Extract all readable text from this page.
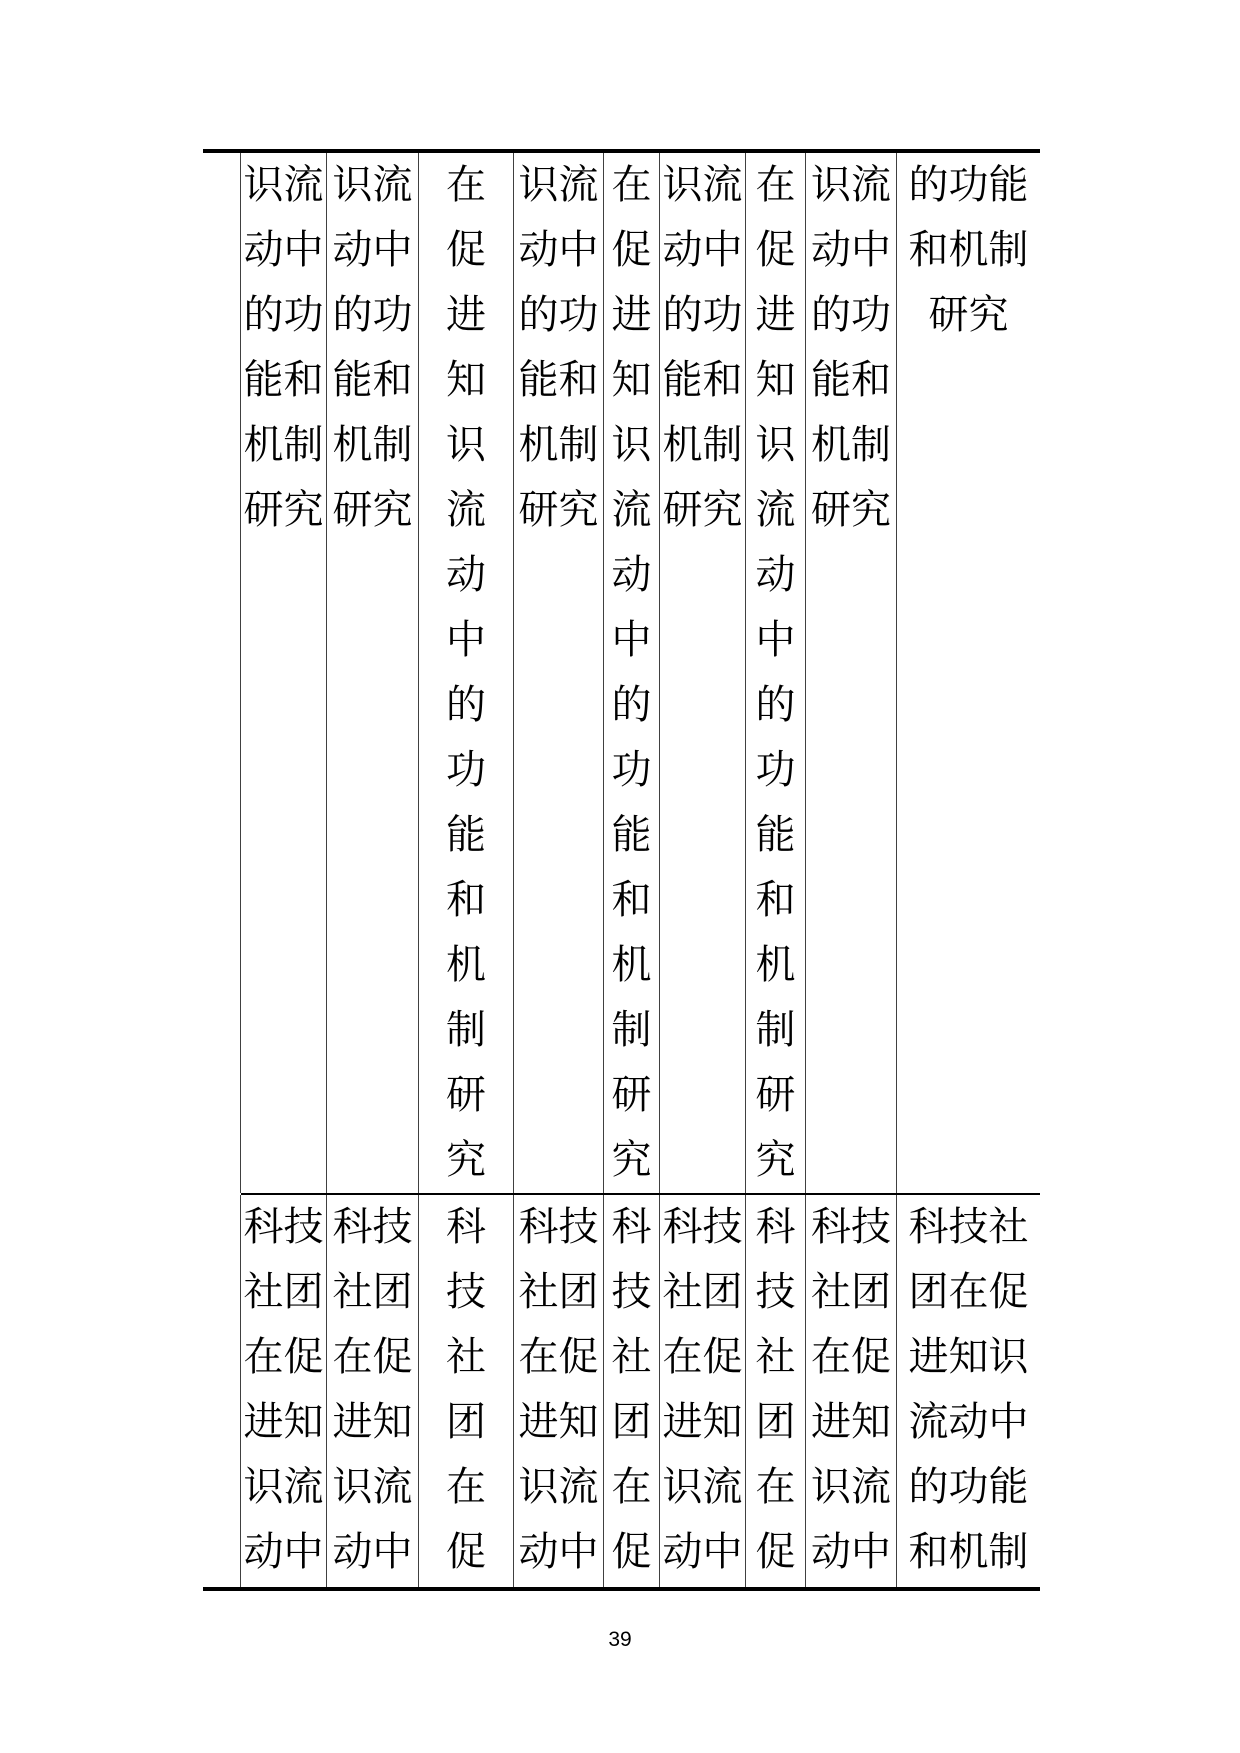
识流
动中
的功
能和
机制
研究
识流
动中
的功
能和
机制
研究
在
促
进
知
识
流
动
中
的
功
能
和
机
制
研
究
识流
动中
的功
能和
机制
研究
在
促
进
知
识
流
动
中
的
功
能
和
机
制
研
究
识流
动中
的功
能和
机制
研究
在
促
进
知
识
流
动
中
的
功
能
和
机
制
研
究
识流
动中
的功
能和
机制
研究
的功能
和机制
研究
科技
社团
在促
进知
识流
动中
科技
社团
在促
进知
识流
动中
科
技
社
团
在
促
科技
社团
在促
进知
识流
动中
科
技
社
团
在
促
科技
社团
在促
进知
识流
动中
科
技
社
团
在
促
科技
社团
在促
进知
识流
动中
科技社
团在促
进知识
流动中
的功能
和机制
39
